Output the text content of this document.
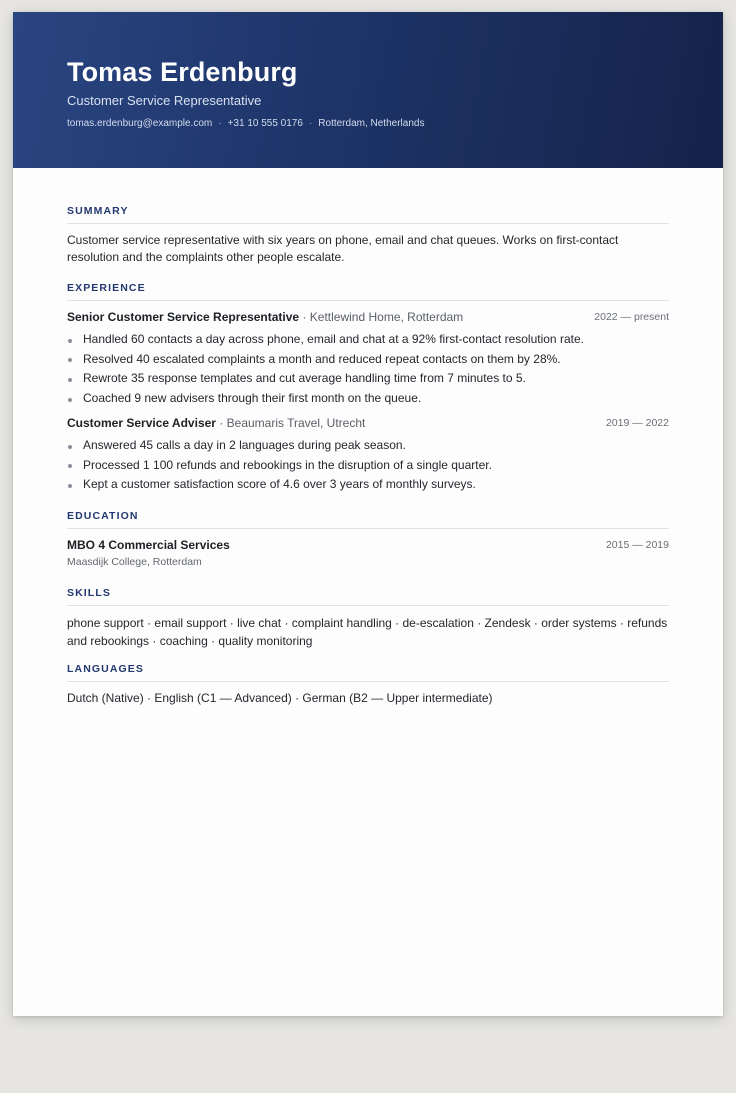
Tomas Erdenburg
Customer Service Representative
tomas.erdenburg@example.com · +31 10 555 0176 · Rotterdam, Netherlands
SUMMARY

Customer service representative with six years on phone, email and chat queues. Works on first-contact resolution and the complaints other people escalate.

EXPERIENCE
Senior Customer Service Representative · Kettlewind Home, Rotterdam	2022 — present
Handled 60 contacts a day across phone, email and chat at a 92% first-contact resolution rate.
Resolved 40 escalated complaints a month and reduced repeat contacts on them by 28%.
Rewrote 35 response templates and cut average handling time from 7 minutes to 5.
Coached 9 new advisers through their first month on the queue.
Customer Service Adviser · Beaumaris Travel, Utrecht	2019 — 2022
Answered 45 calls a day in 2 languages during peak season.
Processed 1 100 refunds and rebookings in the disruption of a single quarter.
Kept a customer satisfaction score of 4.6 over 3 years of monthly surveys.
EDUCATION
MBO 4 Commercial Services	2015 — 2019
Maasdijk College, Rotterdam
SKILLS

phone support · email support · live chat · complaint handling · de-escalation · Zendesk · order systems · refunds and rebookings · coaching · quality monitoring

LANGUAGES

Dutch (Native) · English (C1 — Advanced) · German (B2 — Upper intermediate)
